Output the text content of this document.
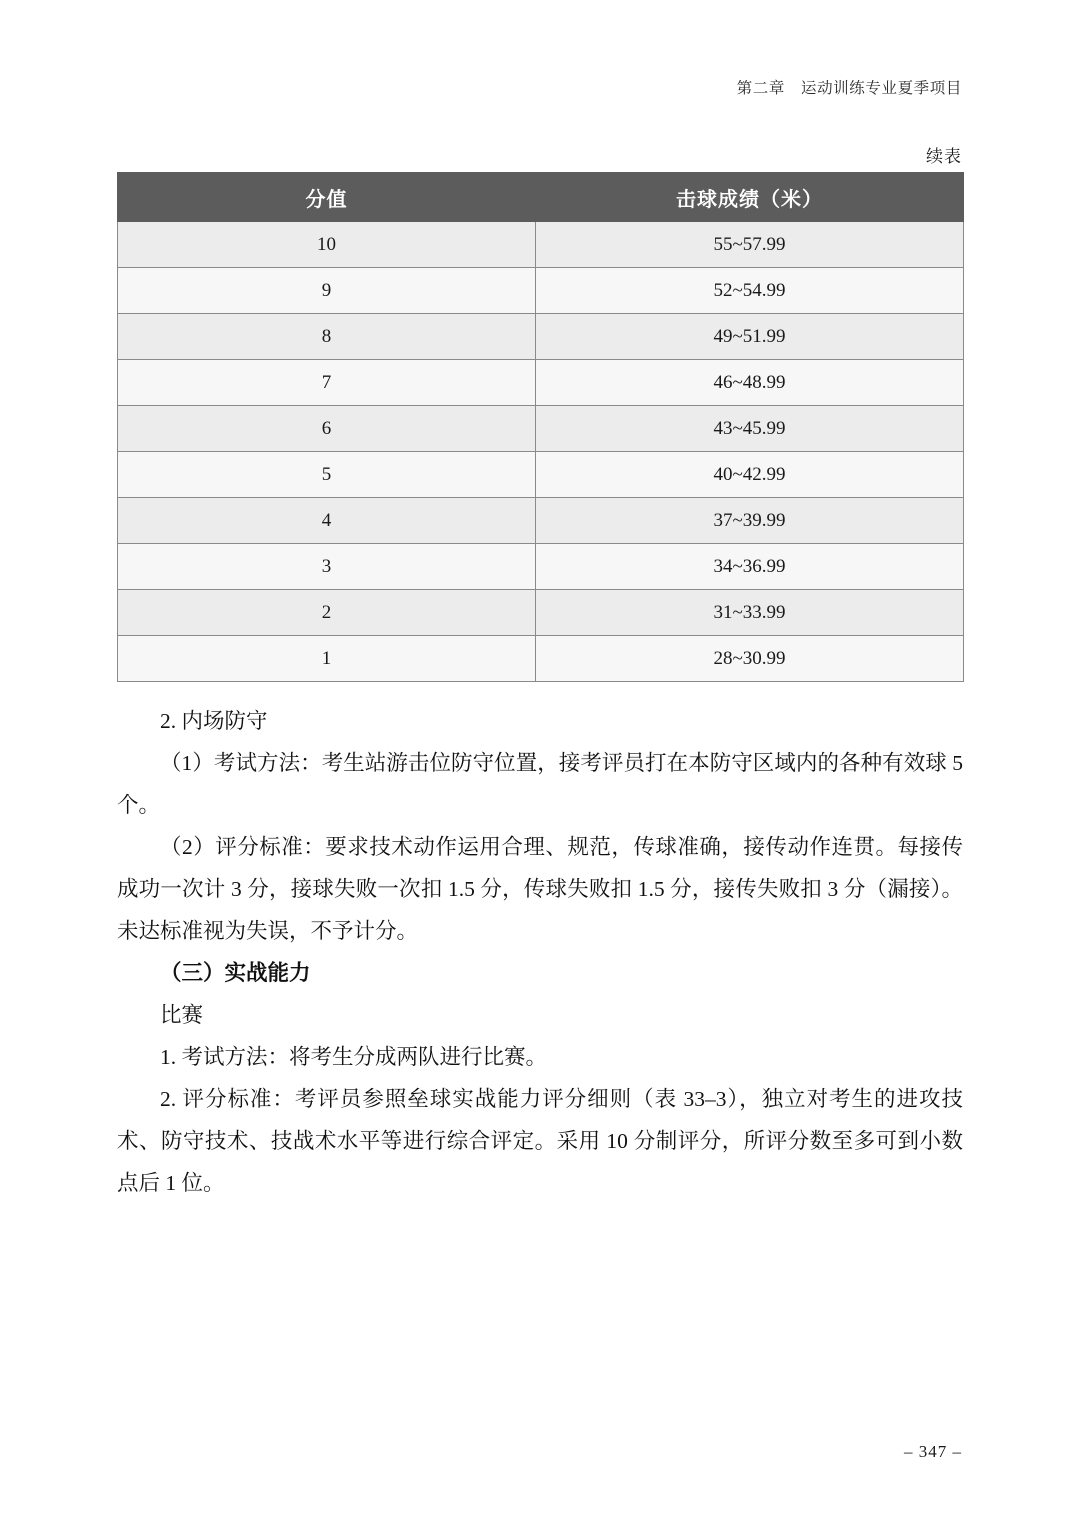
第二章 运动训练专业夏季项目
续表
分值	击球成绩（米）
10	55~57.99
9	52~54.99
8	49~51.99
7	46~48.99
6	43~45.99
5	40~42.99
4	37~39.99
3	34~36.99
2	31~33.99
1	28~30.99

2. 内场防守

（1）考试方法：考生站游击位防守位置，接考评员打在本防守区域内的各种有效球 5 个。

（2）评分标准：要求技术动作运用合理、规范，传球准确，接传动作连贯。每接传成功一次计 3 分，接球失败一次扣 1.5 分，传球失败扣 1.5 分，接传失败扣 3 分（漏接）。未达标准视为失误，不予计分。

（三）实战能力

比赛

1. 考试方法：将考生分成两队进行比赛。

2. 评分标准：考评员参照垒球实战能力评分细则（表 33–3），独立对考生的进攻技术、防守技术、技战术水平等进行综合评定。采用 10 分制评分，所评分数至多可到小数点后 1 位。

– 347 –
